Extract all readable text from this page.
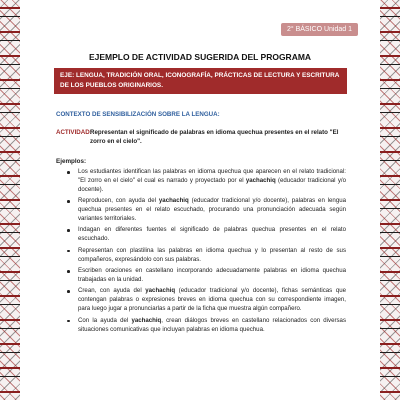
2° BÁSICO Unidad 1
EJEMPLO DE ACTIVIDAD SUGERIDA DEL PROGRAMA
EJE: LENGUA, TRADICIÓN ORAL, ICONOGRAFÍA, PRÁCTICAS DE LECTURA Y ESCRITURA DE LOS PUEBLOS ORIGINARIOS.
CONTEXTO DE SENSIBILIZACIÓN SOBRE LA LENGUA:
ACTIVIDAD:
Representan el significado de palabras en idioma quechua presentes en el relato "El zorro en el cielo".
Ejemplos:
Los estudiantes identifican las palabras en idioma quechua que aparecen en el relato tradicional: "El zorro en el cielo" el cual es narrado y proyectado por el yachachiq (educador tradicional y/o docente).
Reproducen, con ayuda del yachachiq (educador tradicional y/o docente), palabras en lengua quechua presentes en el relato escuchado, procurando una pronunciación adecuada según variantes territoriales.
Indagan en diferentes fuentes el significado de palabras quechua presentes en el relato escuchado.
Representan con plastilina las palabras en idioma quechua y lo presentan al resto de sus compañeros, expresándolo con sus palabras.
Escriben oraciones en castellano incorporando adecuadamente palabras en idioma quechua trabajadas en la unidad.
Crean, con ayuda del yachachiq (educador tradicional y/o docente), fichas semánticas que contengan palabras o expresiones breves en idioma quechua con su correspondiente imagen, para luego jugar a pronunciarlas a partir de la ficha que muestra algún compañero.
Con la ayuda del yachachiq, crean diálogos breves en castellano relacionados con diversas situaciones comunicativas que incluyan palabras en idioma quechua.
